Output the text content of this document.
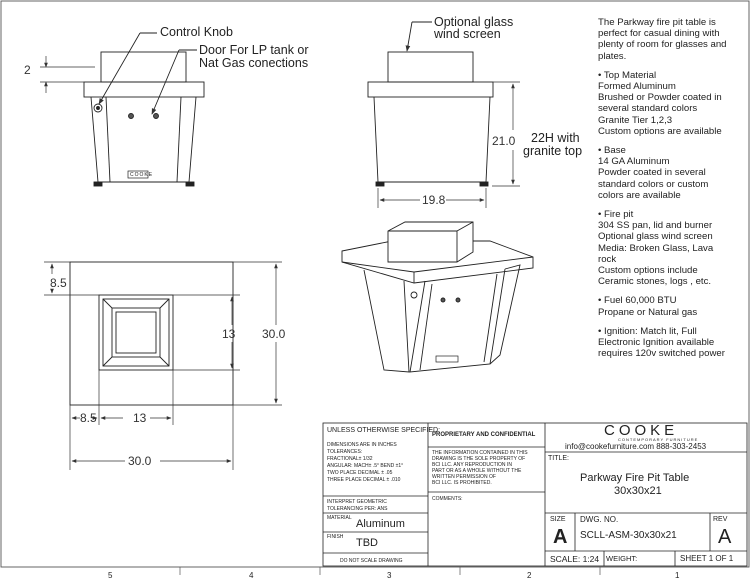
Control Knob
Door For LP tank or
Nat Gas conections
Optional glass
wind screen
22H with
granite top
2
21.0
19.8
8.5
13 30.0
8.5	13
30.0
COOKE

The Parkway fire pit table is
perfect for casual dining with
plenty of room for glasses and
plates.

• Top Material
Formed Aluminum
Brushed or Powder coated in
several standard colors
Granite Tier 1,2,3
Custom options are available

• Base
14 GA Aluminum
Powder coated in several
standard colors or custom
colors are available

• Fire pit
304 SS pan, lid and burner
Optional glass wind screen
Media: Broken Glass, Lava
rock
Custom options include
Ceramic stones, logs , etc.

• Fuel 60,000 BTU
Propane or Natural gas

• Ignition: Match lit, Full
Electronic Ignition available
requires 120v switched power

UNLESS OTHERWISE SPECIFIED:
DIMENSIONS ARE IN INCHES
TOLERANCES:
FRACTIONAL± 1/32
ANGULAR: MACH± .5° BEND ±1°
TWO PLACE DECIMAL ± .05
THREE PLACE DECIMAL ± .010
INTERPRET GEOMETRIC
TOLERANCING PER: ANS
MATERIAL Aluminum
FINISH TBD
DO NOT SCALE DRAWING
PROPRIETARY AND CONFIDENTIAL
THE INFORMATION CONTAINED IN THIS
DRAWING IS THE SOLE PROPERTY OF
BCI LLC. ANY REPRODUCTION IN
PART OR AS A WHOLE WITHOUT THE
WRITTEN PERMISSION OF
BCI LLC. IS PROHIBITED.
COMMENTS:
COOKE
CONTEMPORARY FURNITURE
info@cookefurniture.com 888-303-2453
TITLE:
Parkway Fire Pit Table
30x30x21
SIZE
A
DWG. NO.
SCLL-ASM-30x30x21
REV
A
SCALE: 1:24 WEIGHT:	SHEET 1 OF 1
5	4	3	2	1
